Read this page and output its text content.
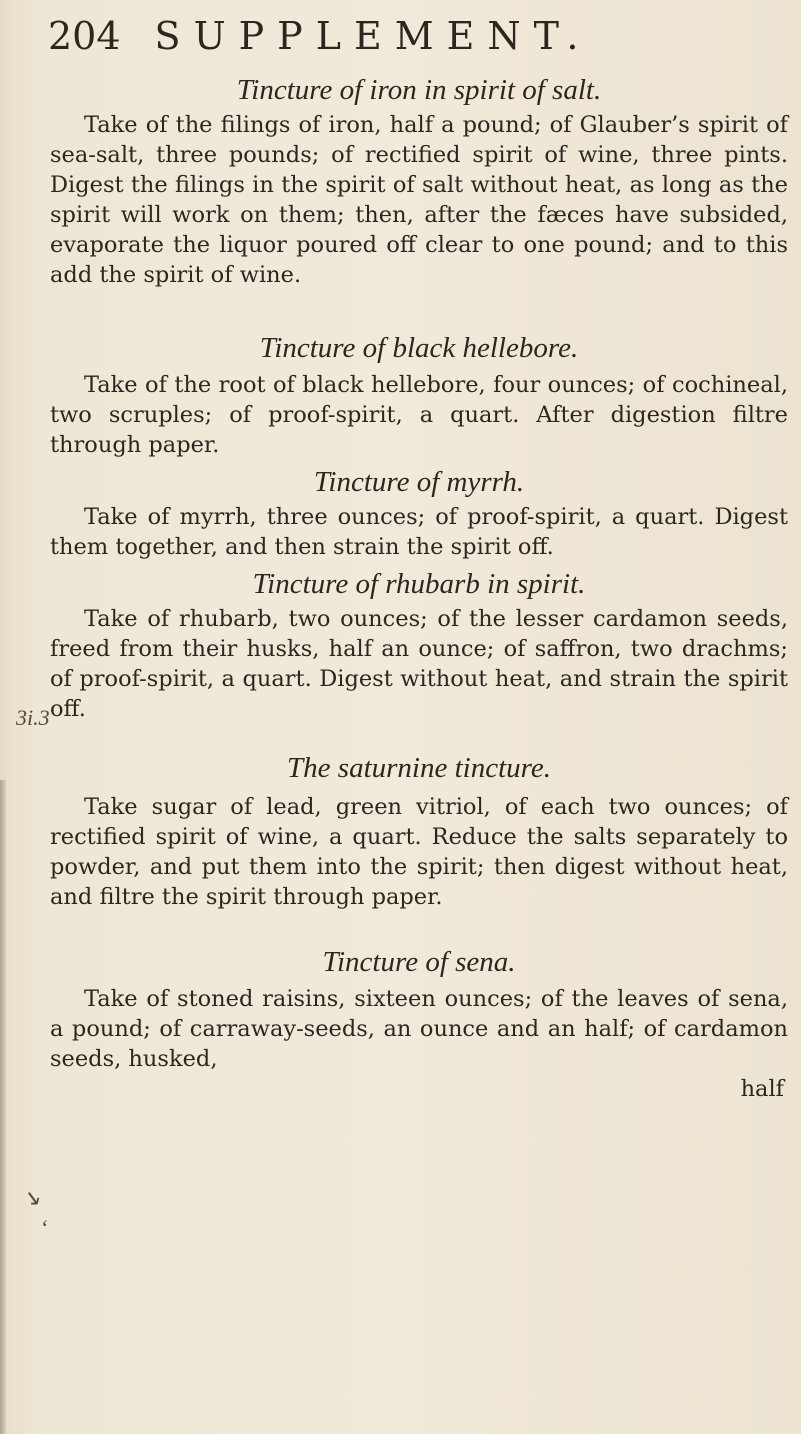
204 SUPPLEMENT.
3i.3
↘
‘

Tincture of iron in spirit of salt.

Take of the filings of iron, half a pound; of Glauber’s spirit of sea-salt, three pounds; of rectified spirit of wine, three pints. Digest the filings in the spirit of salt without heat, as long as the spirit will work on them; then, after the fæces have subsided, evaporate the liquor poured off clear to one pound; and to this add the spirit of wine.

Tincture of black hellebore.

Take of the root of black hellebore, four ounces; of cochineal, two scruples; of proof-spirit, a quart. After digestion filtre through paper.

Tincture of myrrh.

Take of myrrh, three ounces; of proof-spirit, a quart. Digest them together, and then strain the spirit off.

Tincture of rhubarb in spirit.

Take of rhubarb, two ounces; of the lesser cardamon seeds, freed from their husks, half an ounce; of saffron, two drachms; of proof-spirit, a quart. Digest without heat, and strain the spirit off.

The saturnine tincture.

Take sugar of lead, green vitriol, of each two ounces; of rectified spirit of wine, a quart. Reduce the salts separately to powder, and put them into the spirit; then digest without heat, and filtre the spirit through paper.

Tincture of sena.

Take of stoned raisins, sixteen ounces; of the leaves of sena, a pound; of carraway-seeds, an ounce and an half; of cardamon seeds, husked,

half
